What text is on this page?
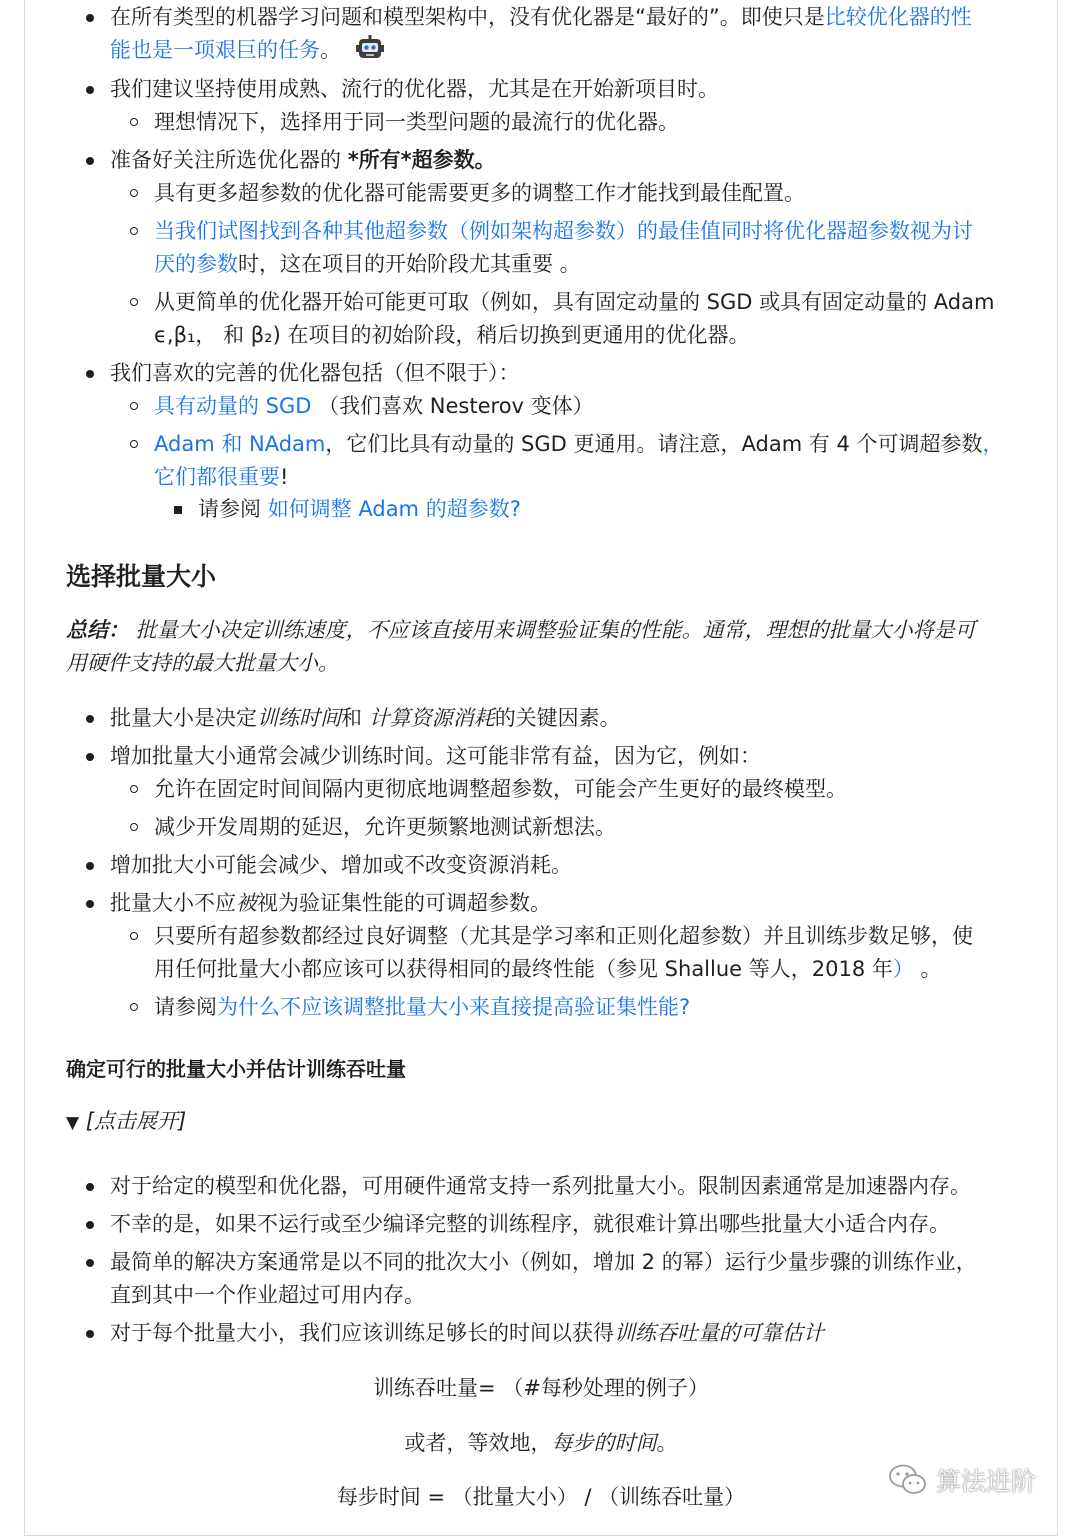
在所有类型的机器学习问题和模型架构中，没有优化器是“最好的”。即使只是比较优化器的性
能也是一项艰巨的任务。
我们建议坚持使用成熟、流行的优化器，尤其是在开始新项目时。
理想情况下，选择用于同一类型问题的最流行的优化器。
准备好关注所选优化器的 *所有*超参数。
具有更多超参数的优化器可能需要更多的调整工作才能找到最佳配置。
当我们试图找到各种其他超参数（例如架构超参数）的最佳值同时将优化器超参数视为讨
厌的参数时，这在项目的开始阶段尤其重要 。
从更简单的优化器开始可能更可取（例如，具有固定动量的 SGD 或具有固定动量的 Adam
ϵ,β₁， 和 β₂) 在项目的初始阶段，稍后切换到更通用的优化器。
我们喜欢的完善的优化器包括（但不限于）：
具有动量的 SGD （我们喜欢 Nesterov 变体）
Adam 和 NAdam，它们比具有动量的 SGD 更通用。请注意，Adam 有 4 个可调超参数，
它们都很重要!
请参阅 如何调整 Adam 的超参数?
选择批量大小
总结： 批量大小决定训练速度，不应该直接用来调整验证集的性能。通常，理想的批量大小将是可
用硬件支持的最大批量大小。
批量大小是决定训练时间和 计算资源消耗的关键因素。
增加批量大小通常会减少训练时间。这可能非常有益，因为它，例如：
允许在固定时间间隔内更彻底地调整超参数，可能会产生更好的最终模型。
减少开发周期的延迟，允许更频繁地测试新想法。
增加批大小可能会减少、增加或不改变资源消耗。
批量大小不应被视为验证集性能的可调超参数。
只要所有超参数都经过良好调整（尤其是学习率和正则化超参数）并且训练步数足够，使
用任何批量大小都应该可以获得相同的最终性能（参见 Shallue 等人，2018 年） 。
请参阅为什么不应该调整批量大小来直接提高验证集性能?
确定可行的批量大小并估计训练吞吐量
▼ [点击展开]
对于给定的模型和优化器，可用硬件通常支持一系列批量大小。限制因素通常是加速器内存。
不幸的是，如果不运行或至少编译完整的训练程序，就很难计算出哪些批量大小适合内存。
最简单的解决方案通常是以不同的批次大小（例如，增加 2 的幂）运行少量步骤的训练作业，
直到其中一个作业超过可用内存。
对于每个批量大小，我们应该训练足够长的时间以获得训练吞吐量的可靠估计
训练吞吐量= （#每秒处理的例子）
或者，等效地，每步的时间。
每步时间 = （批量大小） / （训练吞吐量）
算法进阶
